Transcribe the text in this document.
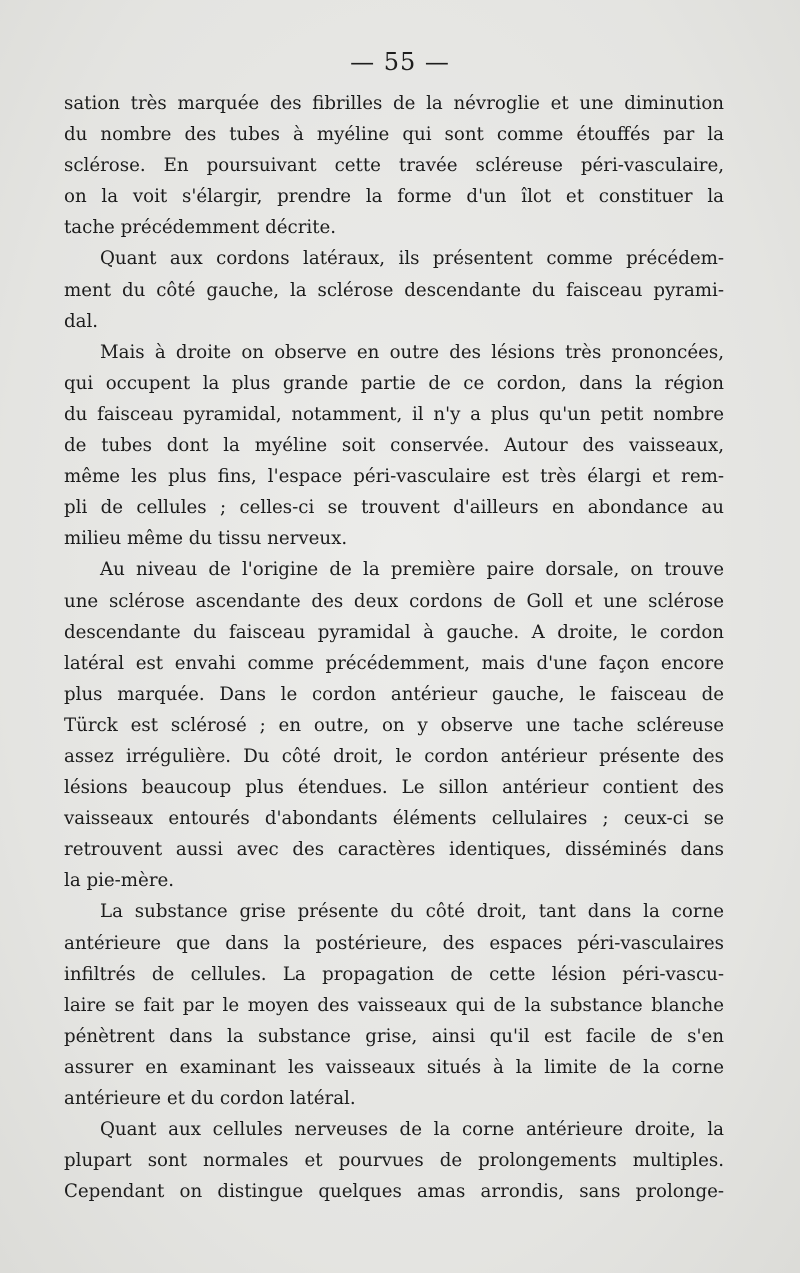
— 55 —
sation très marquée des fibrilles de la névroglie et une diminution
du nombre des tubes à myéline qui sont comme étouffés par la
sclérose. En poursuivant cette travée scléreuse péri-vasculaire,
on la voit s'élargir, prendre la forme d'un îlot et constituer la
tache précédemment décrite.
Quant aux cordons latéraux, ils présentent comme précédem-
ment du côté gauche, la sclérose descendante du faisceau pyrami-
dal.
Mais à droite on observe en outre des lésions très prononcées,
qui occupent la plus grande partie de ce cordon, dans la région
du faisceau pyramidal, notamment, il n'y a plus qu'un petit nombre
de tubes dont la myéline soit conservée. Autour des vaisseaux,
même les plus fins, l'espace péri-vasculaire est très élargi et rem-
pli de cellules ; celles-ci se trouvent d'ailleurs en abondance au
milieu même du tissu nerveux.
Au niveau de l'origine de la première paire dorsale, on trouve
une sclérose ascendante des deux cordons de Goll et une sclérose
descendante du faisceau pyramidal à gauche. A droite, le cordon
latéral est envahi comme précédemment, mais d'une façon encore
plus marquée. Dans le cordon antérieur gauche, le faisceau de
Türck est sclérosé ; en outre, on y observe une tache scléreuse
assez irrégulière. Du côté droit, le cordon antérieur présente des
lésions beaucoup plus étendues. Le sillon antérieur contient des
vaisseaux entourés d'abondants éléments cellulaires ; ceux-ci se
retrouvent aussi avec des caractères identiques, disséminés dans
la pie-mère.
La substance grise présente du côté droit, tant dans la corne
antérieure que dans la postérieure, des espaces péri-vasculaires
infiltrés de cellules. La propagation de cette lésion péri-vascu-
laire se fait par le moyen des vaisseaux qui de la substance blanche
pénètrent dans la substance grise, ainsi qu'il est facile de s'en
assurer en examinant les vaisseaux situés à la limite de la corne
antérieure et du cordon latéral.
Quant aux cellules nerveuses de la corne antérieure droite, la
plupart sont normales et pourvues de prolongements multiples.
Cependant on distingue quelques amas arrondis, sans prolonge-
